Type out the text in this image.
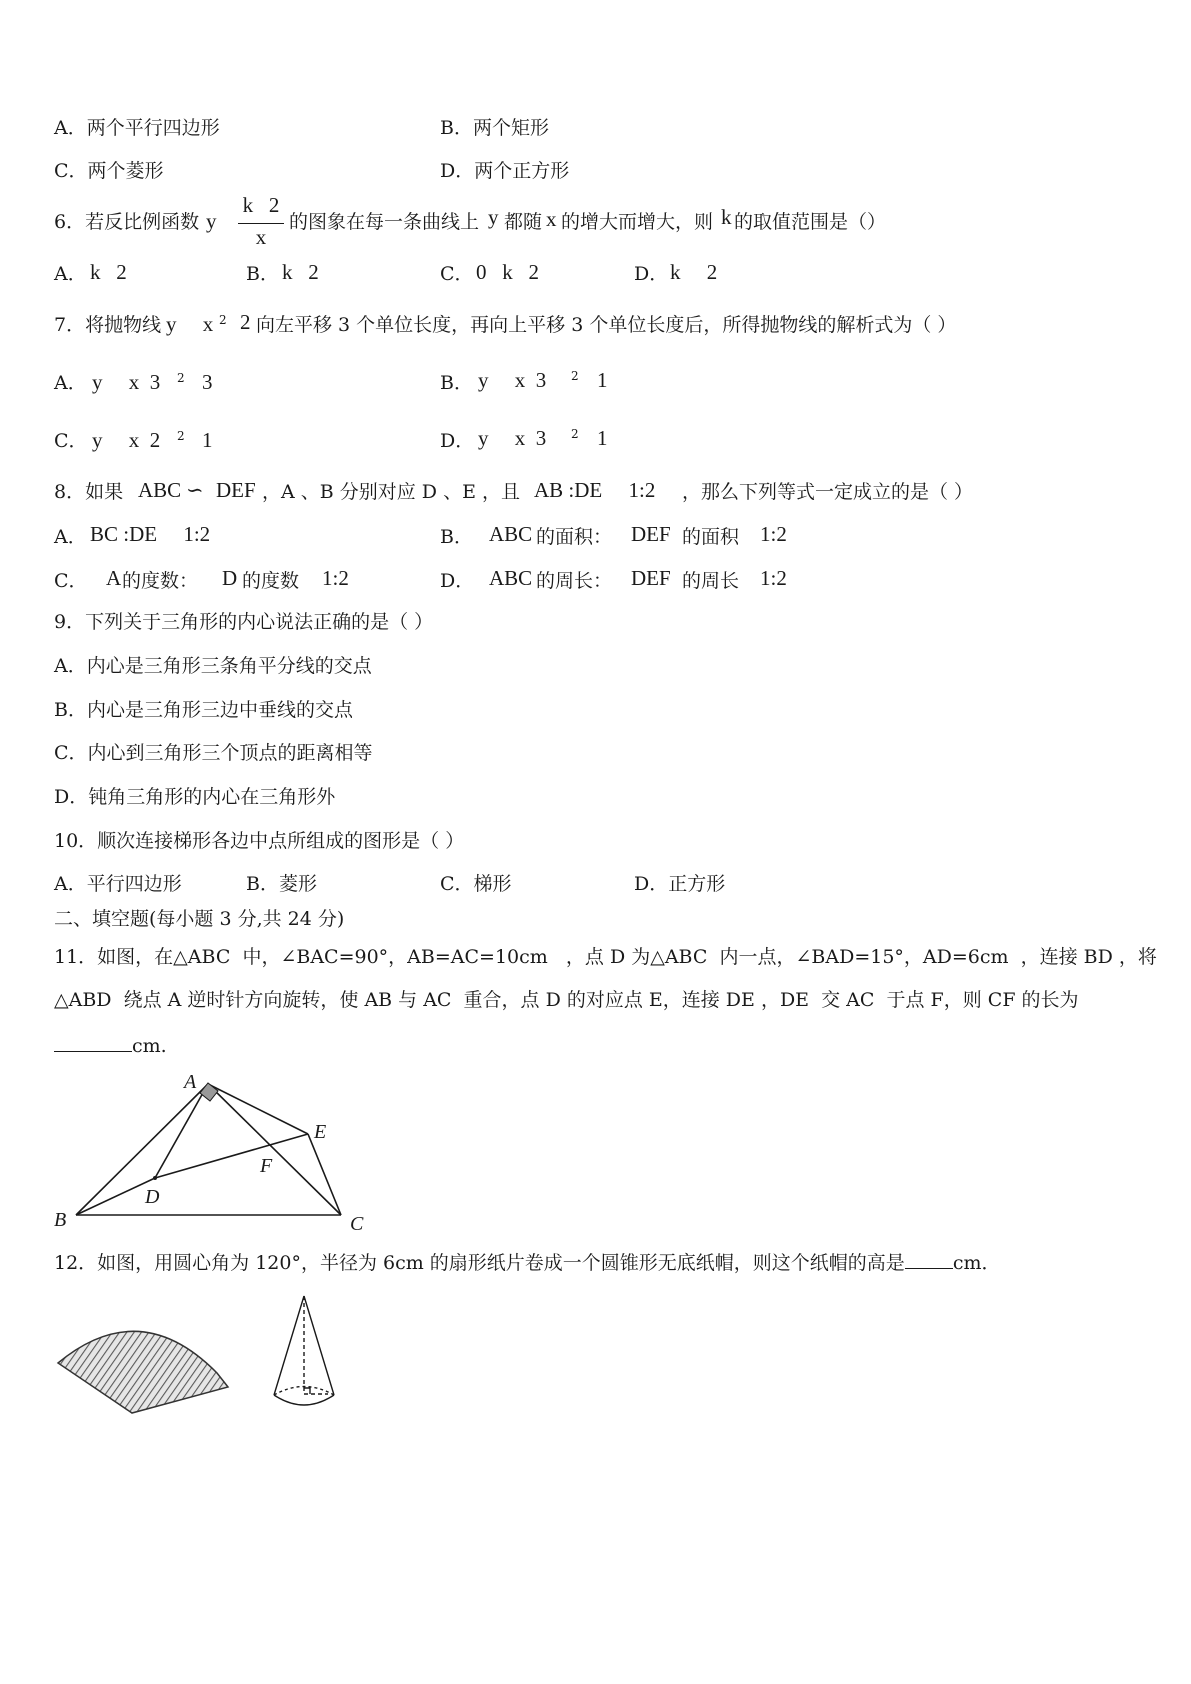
A．两个平行四边形	B．两个矩形
C．两个菱形	D．两个正方形
6．若反比例函数 y
k   2
x
的图象在每一条曲线上 y 都随 x 的增大而增大，则 k 的取值范围是（）
A． k   2	B． k   2	C． 0   k   2	D． k     2
7．将抛物线 y     x 2 2 向左平移 3 个单位长度，再向上平移 3 个单位长度后，所得抛物线的解析式为（ ）
A． y     x  3 2 3	B． y     x  3 2 1
C． y     x  2 2 1	D． y     x  3 2 1
8．如果 ABC ∽ DEF ，A 、B 分别对应 D 、E ，且 AB :DE     1:2 ，那么下列等式一定成立的是（ ）
A． BC :DE     1:2	B． ABC 的面积： DEF 的面积 1:2
C． A 的度数： D 的度数 1:2	D． ABC 的周长： DEF 的周长 1:2
9．下列关于三角形的内心说法正确的是（ ）
A．内心是三角形三条角平分线的交点
B．内心是三角形三边中垂线的交点
C．内心到三角形三个顶点的距离相等
D．钝角三角形的内心在三角形外
10．顺次连接梯形各边中点所组成的图形是（ ）
A．平行四边形	B．菱形	C．梯形	D．正方形
二、填空题(每小题 3 分,共 24 分)
11．如图，在△ABC  中，∠BAC=90°，AB=AC=10cm   ，点 D 为△ABC  内一点，∠BAD=15°，AD=6cm  ，连接 BD ，将
△ABD  绕点 A 逆时针方向旋转，使 AB 与 AC  重合，点 D 的对应点 E，连接 DE ，DE  交 AC  于点 F，则 CF 的长为
cm.
A
B	C
D
E
F
12．如图，用圆心角为 120°，半径为 6cm 的扇形纸片卷成一个圆锥形无底纸帽，则这个纸帽的高是	cm．
